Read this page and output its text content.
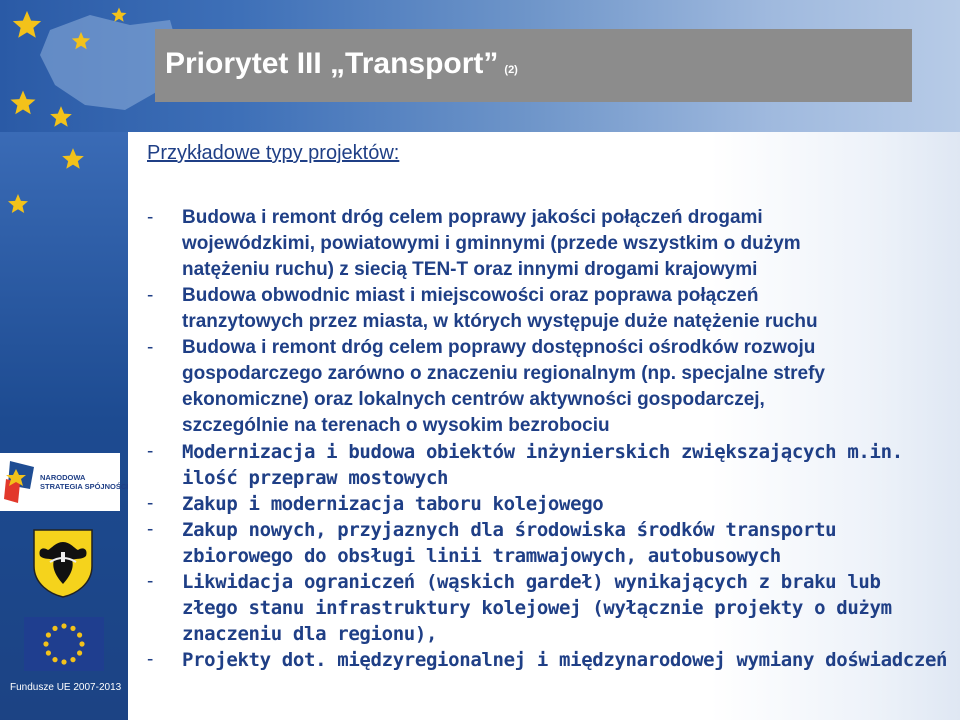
Priorytet III „Transport” (2)
Przykładowe typy projektów:
- Budowa i remont dróg celem poprawy jakości połączeń drogami
wojewódzkimi, powiatowymi i gminnymi (przede wszystkim o dużym
natężeniu ruchu) z siecią TEN-T oraz innymi drogami krajowymi
- Budowa obwodnic miast i miejscowości oraz poprawa połączeń
tranzytowych przez miasta, w których występuje duże natężenie ruchu
- Budowa i remont dróg celem poprawy dostępności ośrodków rozwoju
gospodarczego zarówno o znaczeniu regionalnym (np. specjalne strefy
ekonomiczne) oraz lokalnych centrów aktywności gospodarczej,
szczególnie na terenach o wysokim bezrobociu
- Modernizacja i budowa obiektów inżynierskich zwiększających m.in.
ilość przepraw mostowych
- Zakup i modernizacja taboru kolejowego
- Zakup nowych, przyjaznych dla środowiska środków transportu
zbiorowego do obsługi linii tramwajowych, autobusowych
- Likwidacja ograniczeń (wąskich gardeł) wynikających z braku lub
złego stanu infrastruktury kolejowej (wyłącznie projekty o dużym
znaczeniu dla regionu),
- Projekty dot. międzyregionalnej i międzynarodowej wymiany doświadczeń
NARODOWA
STRATEGIA SPÓJNOŚCI
Fundusze UE 2007-2013
